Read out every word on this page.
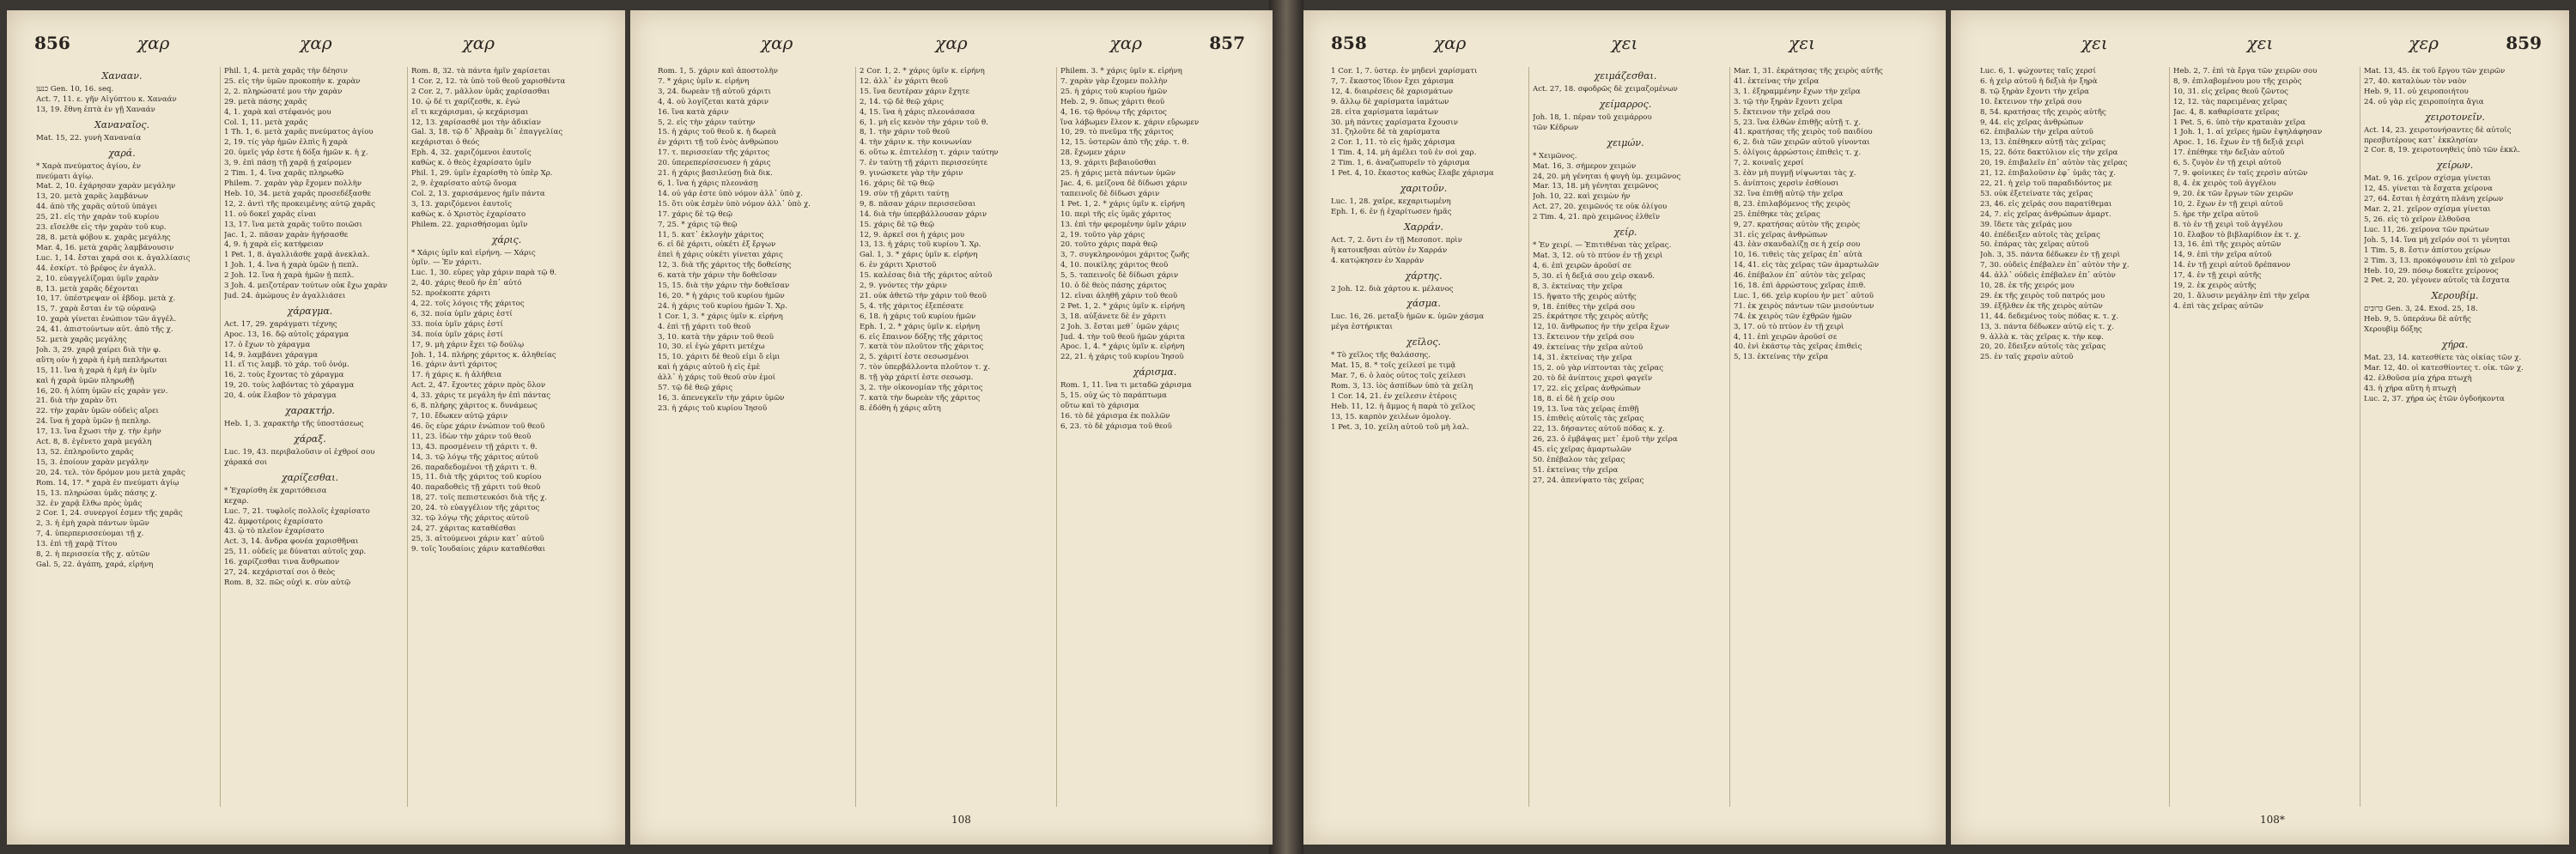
856	χαρ	χαρ	χαρ
Χανααν.
כנען Gen. 10, 16. seq.
Act. 7, 11. ε. γῆν Αἰγύπτου κ. Χαναάν
13, 19. ἔθνη ἐπτὰ ἐν γῇ Χαναάν
Χαναναῖος.
Mat. 15, 22. γυνὴ Χαναναία
χαρά.
* Χαρὰ πνεύματος ἁγίου, ἐν
πνεύματι ἁγίῳ.
Mat. 2, 10. ἐχάρησαν χαρὰν μεγάλην
13, 20. μετὰ χαρᾶς λαμβάνων
44. ἀπὸ τῆς χαρᾶς αὐτοῦ ὑπάγει
25, 21. εἰς τὴν χαρὰν τοῦ κυρίου
23. εἴσελθε εἰς τὴν χαρὰν τοῦ κυρ.
28, 8. μετὰ φόβου κ. χαρᾶς μεγάλης
Mar. 4, 16. μετὰ χαρᾶς λαμβάνουσιν
Luc. 1, 14. ἔσται χαρά σοι κ. ἀγαλλίασις
44. ἐσκίρτ. τὸ βρέφος ἐν ἀγαλλ.
2, 10. εὐαγγελίζομαι ὑμῖν χαρὰν
8, 13. μετὰ χαρᾶς δέχονται
10, 17. ὑπέστρεψαν οἱ ἑβδομ. μετὰ χ.
15, 7. χαρὰ ἔσται ἐν τῷ οὐρανῷ
10. χαρὰ γίνεται ἐνώπιον τῶν ἀγγέλ.
24, 41. ἀπιστούντων αὐτ. ἀπὸ τῆς χ.
52. μετὰ χαρᾶς μεγάλης
Joh. 3, 29. χαρᾷ χαίρει διὰ τὴν φ.
αὕτη οὖν ἡ χαρὰ ἡ ἐμὴ πεπλήρωται
15, 11. ἵνα ἡ χαρὰ ἡ ἐμὴ ἐν ὑμῖν
καὶ ἡ χαρὰ ὑμῶν πληρωθῇ
16, 20. ἡ λύπη ὑμῶν εἰς χαρὰν γεν.
21. διὰ τὴν χαρὰν ὅτι
22. τὴν χαρὰν ὑμῶν οὐδεὶς αἴρει
24. ἵνα ἡ χαρὰ ὑμῶν ᾖ πεπληρ.
17, 13. ἵνα ἔχωσι τὴν χ. τὴν ἐμὴν
Act. 8, 8. ἐγένετο χαρὰ μεγάλη
13, 52. ἐπληροῦντο χαρᾶς
15, 3. ἐποίουν χαρὰν μεγάλην
20, 24. τελ. τὸν δρόμον μου μετὰ χαρᾶς
Rom. 14, 17. * χαρὰ ἐν πνεύματι ἁγίῳ
15, 13. πληρώσαι ὑμᾶς πάσης χ.
32. ἐν χαρᾷ ἔλθω πρὸς ὑμᾶς
2 Cor. 1, 24. συνεργοί ἐσμεν τῆς χαρᾶς
2, 3. ἡ ἐμὴ χαρὰ πάντων ὑμῶν
7, 4. ὑπερπερισσεύομαι τῇ χ.
13. ἐπὶ τῇ χαρᾷ Τίτου
8, 2. ἡ περισσεία τῆς χ. αὐτῶν
Gal. 5, 22. ἀγάπη, χαρά, εἰρήνη
Phil. 1, 4. μετὰ χαρᾶς τὴν δέησιν
25. εἰς τὴν ὑμῶν προκοπὴν κ. χαρὰν
2, 2. πληρώσατέ μου τὴν χαρὰν
29. μετὰ πάσης χαρᾶς
4, 1. χαρὰ καὶ στέφανός μου
Col. 1, 11. μετὰ χαρᾶς
1 Th. 1, 6. μετὰ χαρᾶς πνεύματος ἁγίου
2, 19. τίς γὰρ ἡμῶν ἐλπὶς ἢ χαρὰ
20. ὑμεῖς γάρ ἐστε ἡ δόξα ἡμῶν κ. ἡ χ.
3, 9. ἐπὶ πάσῃ τῇ χαρᾷ ᾗ χαίρομεν
2 Tim. 1, 4. ἵνα χαρᾶς πληρωθῶ
Philem. 7. χαρὰν γὰρ ἔχομεν πολλὴν
Heb. 10, 34. μετὰ χαρᾶς προσεδέξασθε
12, 2. ἀντὶ τῆς προκειμένης αὐτῷ χαρᾶς
11. οὐ δοκεῖ χαρᾶς εἶναι
13, 17. ἵνα μετὰ χαρᾶς τοῦτο ποιῶσι
Jac. 1, 2. πᾶσαν χαρὰν ἡγήσασθε
4, 9. ἡ χαρὰ εἰς κατήφειαν
1 Pet. 1, 8. ἀγαλλιᾶσθε χαρᾷ ἀνεκλαλ.
1 Joh. 1, 4. ἵνα ἡ χαρὰ ὑμῶν ᾖ πεπλ.
2 Joh. 12. ἵνα ἡ χαρὰ ἡμῶν ᾖ πεπλ.
3 Joh. 4. μειζοτέραν τούτων οὐκ ἔχω χαρὰν
Jud. 24. ἀμώμους ἐν ἀγαλλιάσει
χάραγμα.
Act. 17, 29. χαράγματι τέχνης
Apoc. 13, 16. δῷ αὐτοῖς χάραγμα
17. ὁ ἔχων τὸ χάραγμα
14, 9. λαμβάνει χάραγμα
11. εἴ τις λαμβ. τὸ χάρ. τοῦ ὀνόμ.
16, 2. τοὺς ἔχοντας τὸ χάραγμα
19, 20. τοὺς λαβόντας τὸ χάραγμα
20, 4. οὐκ ἔλαβον τὸ χάραγμα
χαρακτήρ.
Heb. 1, 3. χαρακτὴρ τῆς ὑποστάσεως
χάραξ.
Luc. 19, 43. περιβαλοῦσιν οἱ ἐχθροί σου
χάρακά σοι
χαρίζεσθαι.
* Ἐχαρίσθη ἐκ χαριτόθεισα
κεχαρ.
Luc. 7, 21. τυφλοῖς πολλοῖς ἐχαρίσατο
42. ἀμφοτέροις ἐχαρίσατο
43. ᾧ τὸ πλεῖον ἐχαρίσατο
Act. 3, 14. ἄνδρα φονέα χαρισθῆναι
25, 11. οὐδείς με δύναται αὐτοῖς χαρ.
16. χαρίζεσθαι τινα ἄνθρωπον
27, 24. κεχάρισταί σοι ὁ θεὸς
Rom. 8, 32. πῶς οὐχὶ κ. σὺν αὐτῷ
Rom. 8, 32. τὰ πάντα ἡμῖν χαρίσεται
1 Cor. 2, 12. τὰ ὑπὸ τοῦ θεοῦ χαρισθέντα
2 Cor. 2, 7. μᾶλλον ὑμᾶς χαρίσασθαι
10. ᾧ δέ τι χαρίζεσθε, κ. ἐγώ
εἴ τι κεχάρισμαι, ᾧ κεχάρισμαι
12, 13. χαρίσασθέ μοι τὴν ἀδικίαν
Gal. 3, 18. τῷ δ᾽ Ἀβραὰμ δι᾽ ἐπαγγελίας
κεχάρισται ὁ θεός
Eph. 4, 32. χαριζόμενοι ἑαυτοῖς
καθὼς κ. ὁ θεὸς ἐχαρίσατο ὑμῖν
Phil. 1, 29. ὑμῖν ἐχαρίσθη τὸ ὑπὲρ Χρ.
2, 9. ἐχαρίσατο αὐτῷ ὄνομα
Col. 2, 13. χαρισάμενος ἡμῖν πάντα
3, 13. χαριζόμενοι ἑαυτοῖς
καθὼς κ. ὁ Χριστὸς ἐχαρίσατο
Philem. 22. χαρισθήσομαι ὑμῖν
χάρις.
* Χάρις ὑμῖν καὶ εἰρήνη. — Χάρις
ὑμῖν. — Ἐν χάριτι.
Luc. 1, 30. εὗρες γὰρ χάριν παρὰ τῷ θ.
2, 40. χάρις θεοῦ ἦν ἐπ᾽ αὐτό
52. προέκοπτε χάριτι
4, 22. τοῖς λόγοις τῆς χάριτος
6, 32. ποία ὑμῖν χάρις ἐστί
33. ποία ὑμῖν χάρις ἐστί
34. ποία ὑμῖν χάρις ἐστί
17, 9. μὴ χάριν ἔχει τῷ δούλῳ
Joh. 1, 14. πλήρης χάριτος κ. ἀληθείας
16. χάριν ἀντὶ χάριτος
17. ἡ χάρις κ. ἡ ἀλήθεια
Act. 2, 47. ἔχοντες χάριν πρὸς ὅλον
4, 33. χάρις τε μεγάλη ἦν ἐπὶ πάντας
6, 8. πλήρης χάριτος κ. δυνάμεως
7, 10. ἔδωκεν αὐτῷ χάριν
46. ὃς εὗρε χάριν ἐνώπιον τοῦ θεοῦ
11, 23. ἰδὼν τὴν χάριν τοῦ θεοῦ
13, 43. προσμένειν τῇ χάριτι τ. θ.
14, 3. τῷ λόγῳ τῆς χάριτος αὐτοῦ
26. παραδεδομένοι τῇ χάριτι τ. θ.
15, 11. διὰ τῆς χάριτος τοῦ κυρίου
40. παραδοθεὶς τῇ χάριτι τοῦ θεοῦ
18, 27. τοῖς πεπιστευκόσι διὰ τῆς χ.
20, 24. τὸ εὐαγγέλιον τῆς χάριτος
32. τῷ λόγῳ τῆς χάριτος αὐτοῦ
24, 27. χάριτας καταθέσθαι
25, 3. αἰτούμενοι χάριν κατ᾽ αὐτοῦ
9. τοῖς Ἰουδαίοις χάριν καταθέσθαι
857
χαρ	χαρ	χαρ
Rom. 1, 5. χάριν καὶ ἀποστολὴν
7. * χάρις ὑμῖν κ. εἰρήνη
3, 24. δωρεὰν τῇ αὐτοῦ χάριτι
4, 4. οὐ λογίζεται κατὰ χάριν
16. ἵνα κατὰ χάριν
5, 2. εἰς τὴν χάριν ταύτην
15. ἡ χάρις τοῦ θεοῦ κ. ἡ δωρεὰ
ἐν χάριτι τῇ τοῦ ἑνὸς ἀνθρώπου
17. τ. περισσείαν τῆς χάριτος
20. ὑπερεπερίσσευσεν ἡ χάρις
21. ἡ χάρις βασιλεύσῃ διὰ δικ.
6, 1. ἵνα ἡ χάρις πλεονάσῃ
14. οὐ γάρ ἐστε ὑπὸ νόμον ἀλλ᾽ ὑπὸ χ.
15. ὅτι οὐκ ἐσμὲν ὑπὸ νόμον ἀλλ᾽ ὑπὸ χ.
17. χάρις δὲ τῷ θεῷ
7, 25. * χάρις τῷ θεῷ
11, 5. κατ᾽ ἐκλογὴν χάριτος
6. εἰ δὲ χάριτι, οὐκέτι ἐξ ἔργων
ἐπεὶ ἡ χάρις οὐκέτι γίνεται χάρις
12, 3. διὰ τῆς χάριτος τῆς δοθείσης
6. κατὰ τὴν χάριν τὴν δοθεῖσαν
15, 15. διὰ τὴν χάριν τὴν δοθεῖσαν
16, 20. * ἡ χάρις τοῦ κυρίου ἡμῶν
24. ἡ χάρις τοῦ κυρίου ἡμῶν Ἰ. Χρ.
1 Cor. 1, 3. * χάρις ὑμῖν κ. εἰρήνη
4. ἐπὶ τῇ χάριτι τοῦ θεοῦ
3, 10. κατὰ τὴν χάριν τοῦ θεοῦ
10, 30. εἰ ἐγὼ χάριτι μετέχω
15, 10. χάριτι δὲ θεοῦ εἰμι ὅ εἰμι
καὶ ἡ χάρις αὐτοῦ ἡ εἰς ἐμὲ
ἀλλ᾽ ἡ χάρις τοῦ θεοῦ σὺν ἐμοί
57. τῷ δὲ θεῷ χάρις
16, 3. ἀπενεγκεῖν τὴν χάριν ὑμῶν
23. ἡ χάρις τοῦ κυρίου Ἰησοῦ
2 Cor. 1, 2. * χάρις ὑμῖν κ. εἰρήνη
12. ἀλλ᾽ ἐν χάριτι θεοῦ
15. ἵνα δευτέραν χάριν ἔχητε
2, 14. τῷ δὲ θεῷ χάρις
4, 15. ἵνα ἡ χάρις πλεονάσασα
6, 1. μὴ εἰς κενὸν τὴν χάριν τοῦ θ.
8, 1. τὴν χάριν τοῦ θεοῦ
4. τὴν χάριν κ. τὴν κοινωνίαν
6. οὕτω κ. ἐπιτελέσῃ τ. χάριν ταύτην
7. ἐν ταύτῃ τῇ χάριτι περισσεύητε
9. γινώσκετε γὰρ τὴν χάριν
16. χάρις δὲ τῷ θεῷ
19. σὺν τῇ χάριτι ταύτῃ
9, 8. πᾶσαν χάριν περισσεῦσαι
14. διὰ τὴν ὑπερβάλλουσαν χάριν
15. χάρις δὲ τῷ θεῷ
12, 9. ἀρκεῖ σοι ἡ χάρις μου
13, 13. ἡ χάρις τοῦ κυρίου Ἰ. Χρ.
Gal. 1, 3. * χάρις ὑμῖν κ. εἰρήνη
6. ἐν χάριτι Χριστοῦ
15. καλέσας διὰ τῆς χάριτος αὐτοῦ
2, 9. γνόντες τὴν χάριν
21. οὐκ ἀθετῶ τὴν χάριν τοῦ θεοῦ
5, 4. τῆς χάριτος ἐξεπέσατε
6, 18. ἡ χάρις τοῦ κυρίου ἡμῶν
Eph. 1, 2. * χάρις ὑμῖν κ. εἰρήνη
6. εἰς ἔπαινον δόξης τῆς χάριτος
7. κατὰ τὸν πλοῦτον τῆς χάριτος
2, 5. χάριτί ἐστε σεσωσμένοι
7. τὸν ὑπερβάλλοντα πλοῦτον τ. χ.
8. τῇ γὰρ χάριτί ἐστε σεσωσμ.
3, 2. τὴν οἰκονομίαν τῆς χάριτος
7. κατὰ τὴν δωρεὰν τῆς χάριτος
8. ἐδόθη ἡ χάρις αὕτη
Philem. 3. * χάρις ὑμῖν κ. εἰρήνη
7. χαρὰν γὰρ ἔχομεν πολλὴν
25. ἡ χάρις τοῦ κυρίου ἡμῶν
Heb. 2, 9. ὅπως χάριτι θεοῦ
4, 16. τῷ θρόνῳ τῆς χάριτος
ἵνα λάβωμεν ἔλεον κ. χάριν εὕρωμεν
10, 29. τὸ πνεῦμα τῆς χάριτος
12, 15. ὑστερῶν ἀπὸ τῆς χάρ. τ. θ.
28. ἔχωμεν χάριν
13, 9. χάριτι βεβαιοῦσθαι
25. ἡ χάρις μετὰ πάντων ὑμῶν
Jac. 4, 6. μείζονα δὲ δίδωσι χάριν
ταπεινοῖς δὲ δίδωσι χάριν
1 Pet. 1, 2. * χάρις ὑμῖν κ. εἰρήνη
10. περὶ τῆς εἰς ὑμᾶς χάριτος
13. ἐπὶ τὴν φερομένην ὑμῖν χάριν
2, 19. τοῦτο γὰρ χάρις
20. τοῦτο χάρις παρὰ θεῷ
3, 7. συγκληρονόμοι χάριτος ζωῆς
4, 10. ποικίλης χάριτος θεοῦ
5, 5. ταπεινοῖς δὲ δίδωσι χάριν
10. ὁ δὲ θεὸς πάσης χάριτος
12. εἶναι ἀληθῆ χάριν τοῦ θεοῦ
2 Pet. 1, 2. * χάρις ὑμῖν κ. εἰρήνη
3, 18. αὐξάνετε δὲ ἐν χάριτι
2 Joh. 3. ἔσται μεθ᾽ ὑμῶν χάρις
Jud. 4. τὴν τοῦ θεοῦ ἡμῶν χάριτα
Apoc. 1, 4. * χάρις ὑμῖν κ. εἰρήνη
22, 21. ἡ χάρις τοῦ κυρίου Ἰησοῦ
χάρισμα.
Rom. 1, 11. ἵνα τι μεταδῶ χάρισμα
5, 15. οὐχ ὡς τὸ παράπτωμα
οὕτω καὶ τὸ χάρισμα
16. τὸ δὲ χάρισμα ἐκ πολλῶν
6, 23. τὸ δὲ χάρισμα τοῦ θεοῦ
108
858	χαρ	χει	χει
1 Cor. 1, 7. ὑστερ. ἐν μηδενὶ χαρίσματι
7, 7. ἕκαστος ἴδιον ἔχει χάρισμα
12, 4. διαιρέσεις δὲ χαρισμάτων
9. ἄλλῳ δὲ χαρίσματα ἰαμάτων
28. εἶτα χαρίσματα ἰαμάτων
30. μὴ πάντες χαρίσματα ἔχουσιν
31. ζηλοῦτε δὲ τὰ χαρίσματα
2 Cor. 1, 11. τὸ εἰς ἡμᾶς χάρισμα
1 Tim. 4, 14. μὴ ἀμέλει τοῦ ἐν σοὶ χαρ.
2 Tim. 1, 6. ἀναζωπυρεῖν τὸ χάρισμα
1 Pet. 4, 10. ἕκαστος καθὼς ἔλαβε χάρισμα
χαριτοῦν.
Luc. 1, 28. χαῖρε, κεχαριτωμένη
Eph. 1, 6. ἐν ᾗ ἐχαρίτωσεν ἡμᾶς
Χαρράν.
Act. 7, 2. ὄντι ἐν τῇ Μεσοποτ. πρὶν
ἢ κατοικῆσαι αὐτὸν ἐν Χαρράν
4. κατῴκησεν ἐν Χαρράν
χάρτης.
2 Joh. 12. διὰ χάρτου κ. μέλανος
χάσμα.
Luc. 16, 26. μεταξὺ ἡμῶν κ. ὑμῶν χάσμα
μέγα ἐστήρικται
χεῖλος.
* Τὸ χεῖλος τῆς θαλάσσης.
Mat. 15, 8. * τοῖς χείλεσί με τιμᾷ
Mar. 7, 6. ὁ λαὸς οὗτος τοῖς χείλεσι
Rom. 3, 13. ἰὸς ἀσπίδων ὑπὸ τὰ χείλη
1 Cor. 14, 21. ἐν χείλεσιν ἑτέροις
Heb. 11, 12. ἡ ἄμμος ἡ παρὰ τὸ χεῖλος
13, 15. καρπὸν χειλέων ὁμολογ.
1 Pet. 3, 10. χείλη αὐτοῦ τοῦ μὴ λαλ.
χειμάζεσθαι.
Act. 27, 18. σφοδρῶς δὲ χειμαζομένων
χείμαρρος.
Joh. 18, 1. πέραν τοῦ χειμάρρου
τῶν Κέδρων
χειμών.
* Χειμῶνος.
Mat. 16, 3. σήμερον χειμών
24, 20. μὴ γένηται ἡ φυγὴ ὑμ. χειμῶνος
Mar. 13, 18. μὴ γένηται χειμῶνος
Joh. 10, 22. καὶ χειμὼν ἦν
Act. 27, 20. χειμῶνός τε οὐκ ὀλίγου
2 Tim. 4, 21. πρὸ χειμῶνος ἐλθεῖν
χείρ.
* Ἐν χειρί. — Ἐπιτιθέναι τὰς χεῖρας.
Mat. 3, 12. οὗ τὸ πτύον ἐν τῇ χειρὶ
4, 6. ἐπὶ χειρῶν ἀροῦσί σε
5, 30. εἰ ἡ δεξιά σου χεὶρ σκανδ.
8, 3. ἐκτείνας τὴν χεῖρα
15. ἥψατο τῆς χειρὸς αὐτῆς
9, 18. ἐπίθες τὴν χεῖρά σου
25. ἐκράτησε τῆς χειρὸς αὐτῆς
12, 10. ἄνθρωπος ἦν τὴν χεῖρα ἔχων
13. ἔκτεινον τὴν χεῖρά σου
49. ἐκτείνας τὴν χεῖρα αὐτοῦ
14, 31. ἐκτείνας τὴν χεῖρα
15, 2. οὐ γὰρ νίπτονται τὰς χεῖρας
20. τὸ δὲ ἀνίπτοις χερσὶ φαγεῖν
17, 22. εἰς χεῖρας ἀνθρώπων
18, 8. εἰ δὲ ἡ χείρ σου
19, 13. ἵνα τὰς χεῖρας ἐπιθῇ
15. ἐπιθεὶς αὐτοῖς τὰς χεῖρας
22, 13. δήσαντες αὐτοῦ πόδας κ. χ.
26, 23. ὁ ἐμβάψας μετ᾽ ἐμοῦ τὴν χεῖρα
45. εἰς χεῖρας ἁμαρτωλῶν
50. ἐπέβαλον τὰς χεῖρας
51. ἐκτείνας τὴν χεῖρα
27, 24. ἀπενίψατο τὰς χεῖρας
Mar. 1, 31. ἐκράτησας τῆς χειρὸς αὐτῆς
41. ἐκτείνας τὴν χεῖρα
3, 1. ἐξηραμμένην ἔχων τὴν χεῖρα
3. τῷ τὴν ξηρὰν ἔχοντι χεῖρα
5. ἔκτεινον τὴν χεῖρά σου
5, 23. ἵνα ἐλθὼν ἐπιθῇς αὐτῇ τ. χ.
41. κρατήσας τῆς χειρὸς τοῦ παιδίου
6, 2. διὰ τῶν χειρῶν αὐτοῦ γίνονται
5. ὀλίγοις ἀρρώστοις ἐπιθεὶς τ. χ.
7, 2. κοιναῖς χερσί
3. ἐὰν μὴ πυγμῇ νίψωνται τὰς χ.
5. ἀνίπτοις χερσὶν ἐσθίουσι
32. ἵνα ἐπιθῇ αὐτῷ τὴν χεῖρα
8, 23. ἐπιλαβόμενος τῆς χειρὸς
25. ἐπέθηκε τὰς χεῖρας
9, 27. κρατήσας αὐτὸν τῆς χειρὸς
31. εἰς χεῖρας ἀνθρώπων
43. ἐὰν σκανδαλίζῃ σε ἡ χείρ σου
10, 16. τιθεὶς τὰς χεῖρας ἐπ᾽ αὐτὰ
14, 41. εἰς τὰς χεῖρας τῶν ἁμαρτωλῶν
46. ἐπέβαλον ἐπ᾽ αὐτὸν τὰς χεῖρας
16, 18. ἐπὶ ἀρρώστους χεῖρας ἐπιθ.
Luc. 1, 66. χεὶρ κυρίου ἦν μετ᾽ αὐτοῦ
71. ἐκ χειρὸς πάντων τῶν μισούντων
74. ἐκ χειρὸς τῶν ἐχθρῶν ἡμῶν
3, 17. οὗ τὸ πτύον ἐν τῇ χειρὶ
4, 11. ἐπὶ χειρῶν ἀροῦσί σε
40. ἑνὶ ἑκάστῳ τὰς χεῖρας ἐπιθεὶς
5, 13. ἐκτείνας τὴν χεῖρα
859
χει	χει	χερ
Luc. 6, 1. ψώχοντες ταῖς χερσί
6. ἡ χεὶρ αὐτοῦ ἡ δεξιὰ ἦν ξηρὰ
8. τῷ ξηρὰν ἔχοντι τὴν χεῖρα
10. ἔκτεινον τὴν χεῖρά σου
8, 54. κρατήσας τῆς χειρὸς αὐτῆς
9, 44. εἰς χεῖρας ἀνθρώπων
62. ἐπιβαλὼν τὴν χεῖρα αὐτοῦ
13, 13. ἐπέθηκεν αὐτῇ τὰς χεῖρας
15, 22. δότε δακτύλιον εἰς τὴν χεῖρα
20, 19. ἐπιβαλεῖν ἐπ᾽ αὐτὸν τὰς χεῖρας
21, 12. ἐπιβαλοῦσιν ἐφ᾽ ὑμᾶς τὰς χ.
22, 21. ἡ χεὶρ τοῦ παραδιδόντος με
53. οὐκ ἐξετείνατε τὰς χεῖρας
23, 46. εἰς χεῖράς σου παρατίθεμαι
24, 7. εἰς χεῖρας ἀνθρώπων ἁμαρτ.
39. ἴδετε τὰς χεῖράς μου
40. ἐπέδειξεν αὐτοῖς τὰς χεῖρας
50. ἐπάρας τὰς χεῖρας αὐτοῦ
Joh. 3, 35. πάντα δέδωκεν ἐν τῇ χειρὶ
7, 30. οὐδεὶς ἐπέβαλεν ἐπ᾽ αὐτὸν τὴν χ.
44. ἀλλ᾽ οὐδεὶς ἐπέβαλεν ἐπ᾽ αὐτὸν
10, 28. ἐκ τῆς χειρός μου
29. ἐκ τῆς χειρὸς τοῦ πατρός μου
39. ἐξῆλθεν ἐκ τῆς χειρὸς αὐτῶν
11, 44. δεδεμένος τοὺς πόδας κ. τ. χ.
13, 3. πάντα δέδωκεν αὐτῷ εἰς τ. χ.
9. ἀλλὰ κ. τὰς χεῖρας κ. τὴν κεφ.
20, 20. ἔδειξεν αὐτοῖς τὰς χεῖρας
25. ἐν ταῖς χερσὶν αὐτοῦ
Heb. 2, 7. ἐπὶ τὰ ἔργα τῶν χειρῶν σου
8, 9. ἐπιλαβομένου μου τῆς χειρὸς
10, 31. εἰς χεῖρας θεοῦ ζῶντος
12, 12. τὰς παρειμένας χεῖρας
Jac. 4, 8. καθαρίσατε χεῖρας
1 Pet. 5, 6. ὑπὸ τὴν κραταιὰν χεῖρα
1 Joh. 1, 1. αἱ χεῖρες ἡμῶν ἐψηλάφησαν
Apoc. 1, 16. ἔχων ἐν τῇ δεξιᾷ χειρὶ
17. ἐπέθηκε τὴν δεξιὰν αὐτοῦ
6, 5. ζυγὸν ἐν τῇ χειρὶ αὐτοῦ
7, 9. φοίνικες ἐν ταῖς χερσὶν αὐτῶν
8, 4. ἐκ χειρὸς τοῦ ἀγγέλου
9, 20. ἐκ τῶν ἔργων τῶν χειρῶν
10, 2. ἔχων ἐν τῇ χειρὶ αὐτοῦ
5. ἦρε τὴν χεῖρα αὐτοῦ
8. τὸ ἐν τῇ χειρὶ τοῦ ἀγγέλου
10. ἔλαβον τὸ βιβλαρίδιον ἐκ τ. χ.
13, 16. ἐπὶ τῆς χειρὸς αὐτῶν
14, 9. ἐπὶ τὴν χεῖρα αὐτοῦ
14. ἐν τῇ χειρὶ αὐτοῦ δρέπανον
17, 4. ἐν τῇ χειρὶ αὐτῆς
19, 2. ἐκ χειρὸς αὐτῆς
20, 1. ἅλυσιν μεγάλην ἐπὶ τὴν χεῖρα
4. ἐπὶ τὰς χεῖρας αὐτῶν
Mat. 13, 45. ἐκ τοῦ ἔργου τῶν χειρῶν
27, 40. καταλύων τὸν ναὸν
Heb. 9, 11. οὐ χειροποιήτου
24. οὐ γὰρ εἰς χειροποίητα ἅγια
χειροτονεῖν.
Act. 14, 23. χειροτονήσαντες δὲ αὐτοῖς
πρεσβυτέρους κατ᾽ ἐκκλησίαν
2 Cor. 8, 19. χειροτονηθεὶς ὑπὸ τῶν ἐκκλ.
χείρων.
Mat. 9, 16. χεῖρον σχίσμα γίνεται
12, 45. γίνεται τὰ ἔσχατα χείρονα
27, 64. ἔσται ἡ ἐσχάτη πλάνη χείρων
Mar. 2, 21. χεῖρον σχίσμα γίνεται
5, 26. εἰς τὸ χεῖρον ἐλθοῦσα
Luc. 11, 26. χείρονα τῶν πρώτων
Joh. 5, 14. ἵνα μὴ χεῖρόν σοί τι γένηται
1 Tim. 5, 8. ἔστιν ἀπίστου χείρων
2 Tim. 3, 13. προκόψουσιν ἐπὶ τὸ χεῖρον
Heb. 10, 29. πόσῳ δοκεῖτε χείρονος
2 Pet. 2, 20. γέγονεν αὐτοῖς τὰ ἔσχατα
Χερουβίμ.
כְּרוּבִים Gen. 3, 24. Exod. 25, 18.
Heb. 9, 5. ὑπεράνω δὲ αὐτῆς
Χερουβὶμ δόξης
χήρα.
Mat. 23, 14. κατεσθίετε τὰς οἰκίας τῶν χ.
Mar. 12, 40. οἱ κατεσθίοντες τ. οἰκ. τῶν χ.
42. ἐλθοῦσα μία χήρα πτωχὴ
43. ἡ χήρα αὕτη ἡ πτωχὴ
Luc. 2, 37. χήρα ὡς ἐτῶν ὀγδοήκοντα
108*
